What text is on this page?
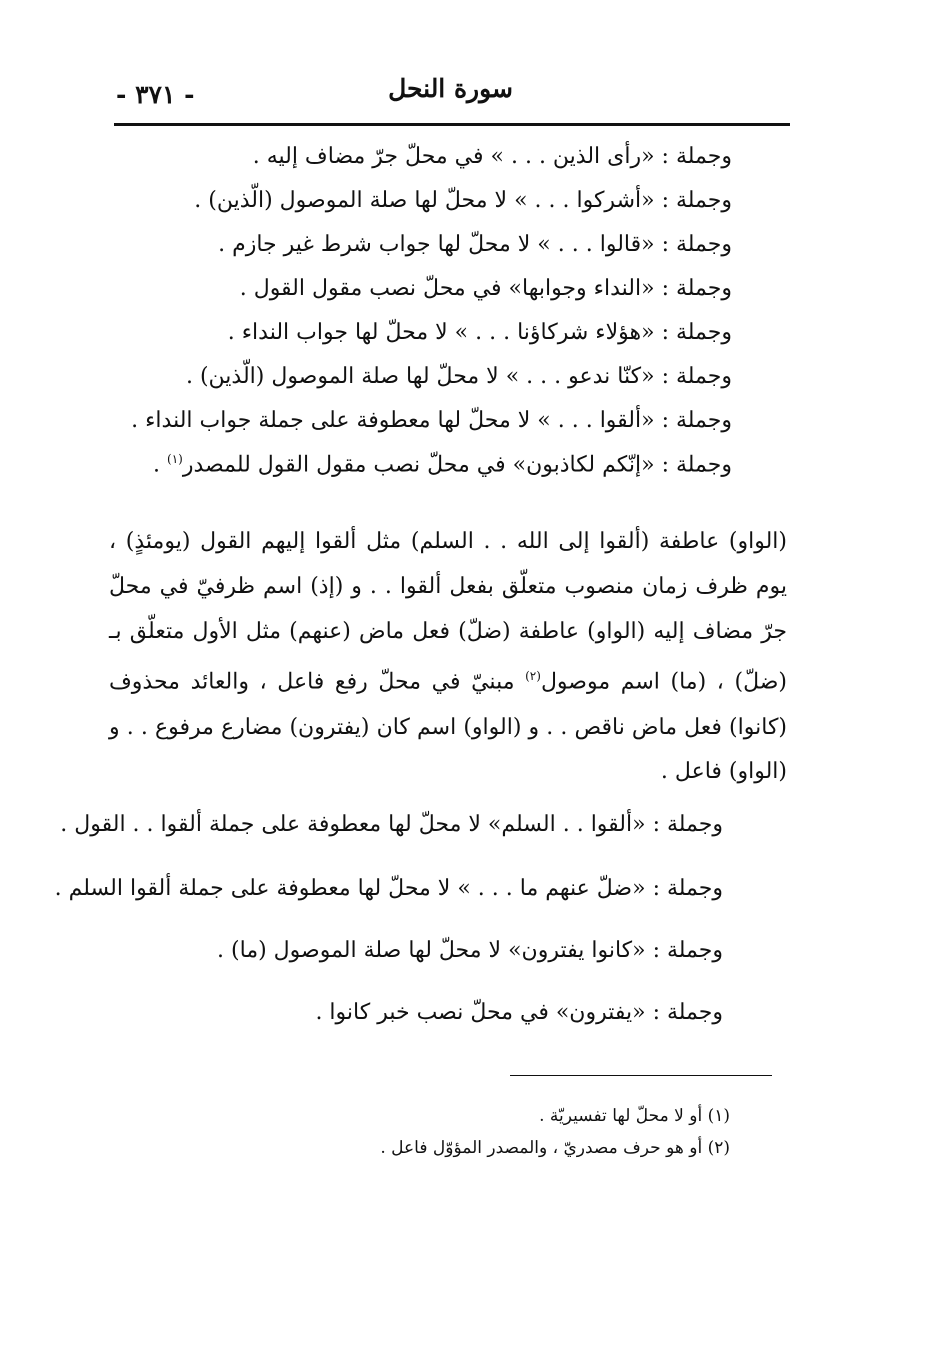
سورة النحل
- ٣٧١ -
وجملة : «رأى الذين . . . » في محلّ جرّ مضاف إليه .
وجملة : «أشركوا . . . » لا محلّ لها صلة الموصول (الّذين) .
وجملة : «قالوا . . . » لا محلّ لها جواب شرط غير جازم .
وجملة : «النداء وجوابها» في محلّ نصب مقول القول .
وجملة : «هؤلاء شركاؤنا . . . » لا محلّ لها جواب النداء .
وجملة : «كنّا ندعو . . . » لا محلّ لها صلة الموصول (الّذين) .
وجملة : «ألقوا . . . » لا محلّ لها معطوفة على جملة جواب النداء .
وجملة : «إنّكم لكاذبون» في محلّ نصب مقول القول للمصدر$^{(١)}$ .
(الواو) عاطفة (ألقوا إلى الله . . السلم) مثل ألقوا إليهم القول (يومئذٍ) ، يوم ظرف زمان منصوب متعلّق بفعل ألقوا . . و (إذ) اسم ظرفيّ في محلّ جرّ مضاف إليه (الواو) عاطفة (ضلّ) فعل ماض (عنهم) مثل الأول متعلّق بـ (ضلّ) ، (ما) اسم موصول$^{(٢)}$ مبنيّ في محلّ رفع فاعل ، والعائد محذوف (كانوا) فعل ماض ناقص . . و (الواو) اسم كان (يفترون) مضارع مرفوع . . و (الواو) فاعل .
وجملة : «ألقوا . . السلم» لا محلّ لها معطوفة على جملة ألقوا . . القول .
وجملة : «ضلّ عنهم ما . . . » لا محلّ لها معطوفة على جملة ألقوا السلم .
وجملة : «كانوا يفترون» لا محلّ لها صلة الموصول (ما) .
وجملة : «يفترون» في محلّ نصب خبر كانوا .
(١) أو لا محلّ لها تفسيريّة .
(٢) أو هو حرف مصدريّ ، والمصدر المؤوّل فاعل .
